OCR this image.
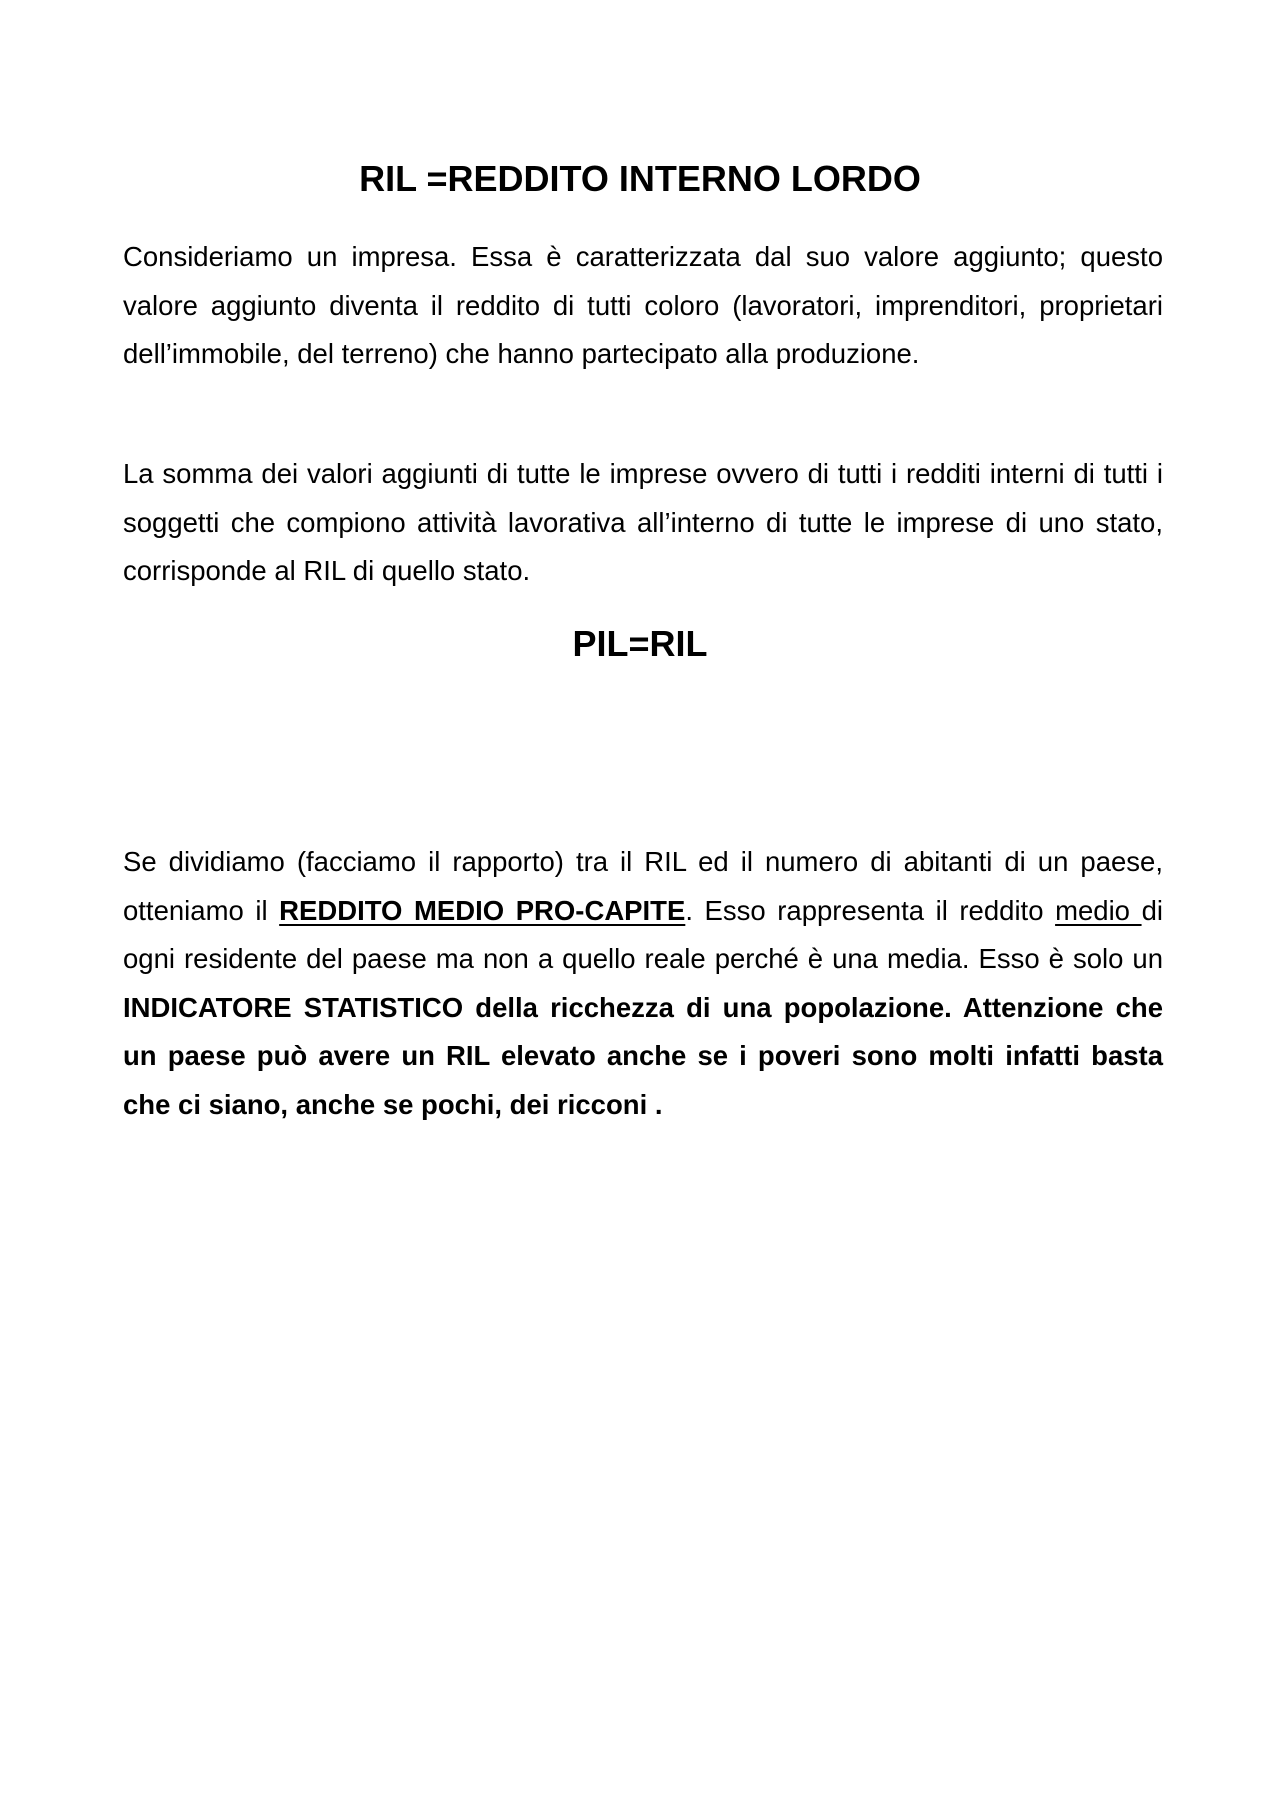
RIL =REDDITO INTERNO LORDO

Consideriamo un impresa. Essa è caratterizzata dal suo valore aggiunto; questo valore aggiunto diventa il reddito di tutti coloro (lavoratori, imprenditori, proprietari dell’immobile, del terreno) che hanno partecipato alla produzione.

La somma dei valori aggiunti di tutte le imprese ovvero di tutti i redditi interni di tutti i soggetti che compiono attività lavorativa all’interno di tutte le imprese di uno stato, corrisponde al RIL di quello stato.

PIL=RIL

Se dividiamo (facciamo il rapporto) tra il RIL ed il numero di abitanti di un paese, otteniamo il REDDITO MEDIO PRO-CAPITE. Esso rappresenta il reddito medio di ogni residente del paese ma non a quello reale perché è una media. Esso è solo un INDICATORE STATISTICO della ricchezza di una popolazione. Attenzione che un paese può avere un RIL elevato anche se i poveri sono molti infatti basta che ci siano, anche se pochi, dei ricconi .
